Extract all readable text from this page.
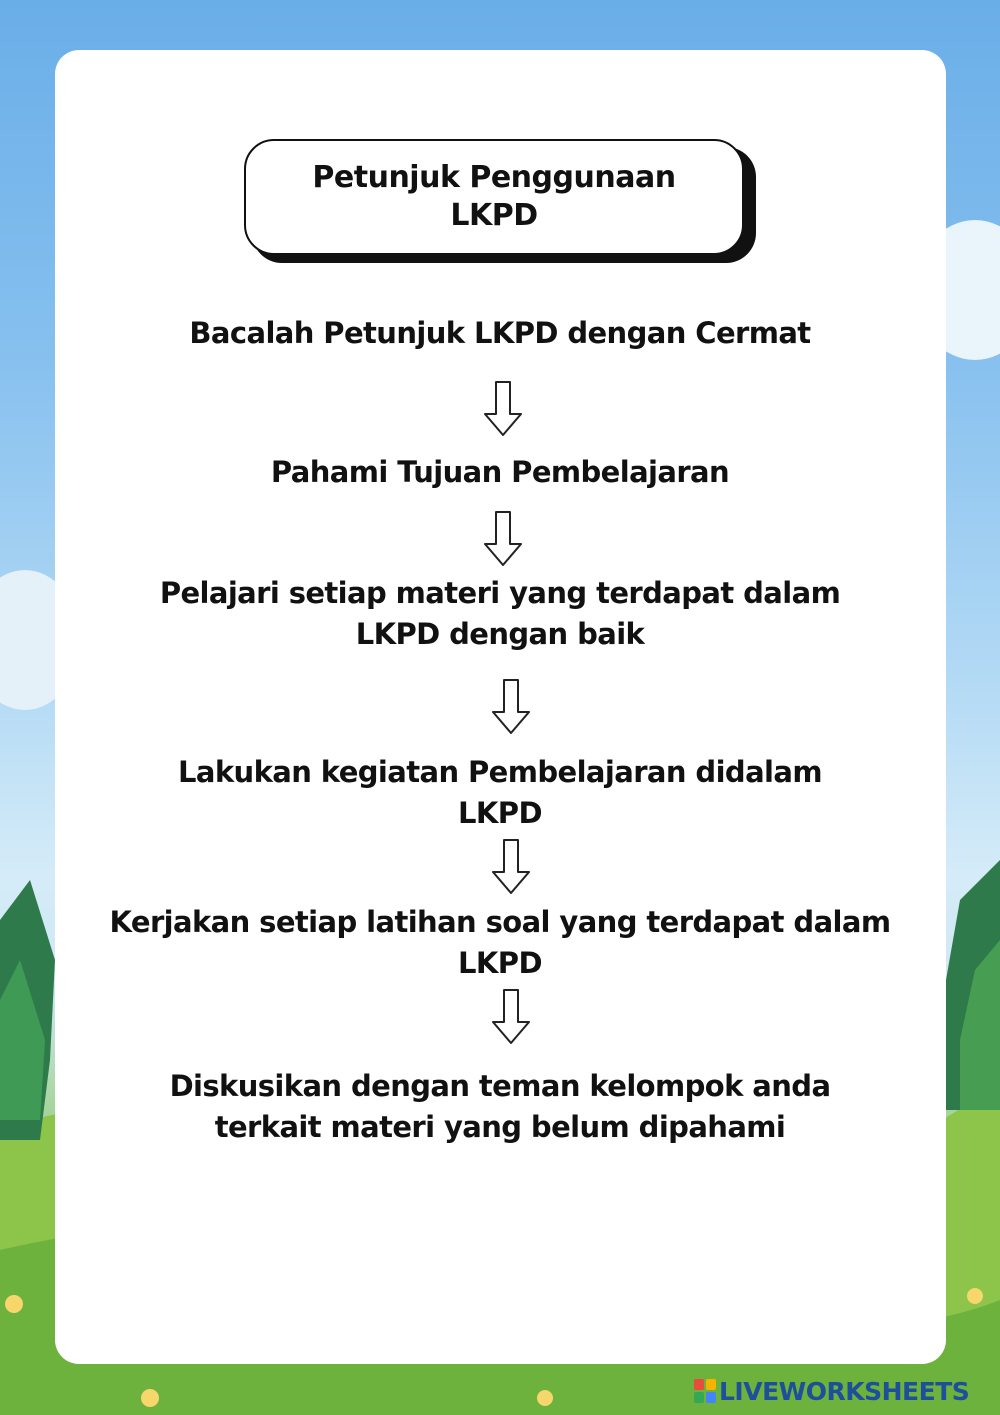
Petunjuk Penggunaan
LKPD
Bacalah Petunjuk LKPD dengan Cermat
Pahami Tujuan Pembelajaran
Pelajari setiap materi yang terdapat dalam
LKPD dengan baik
Lakukan kegiatan Pembelajaran didalam
LKPD
Kerjakan setiap latihan soal yang terdapat dalam
LKPD
Diskusikan dengan teman kelompok anda
terkait materi yang belum dipahami
LIVEWORKSHEETS
